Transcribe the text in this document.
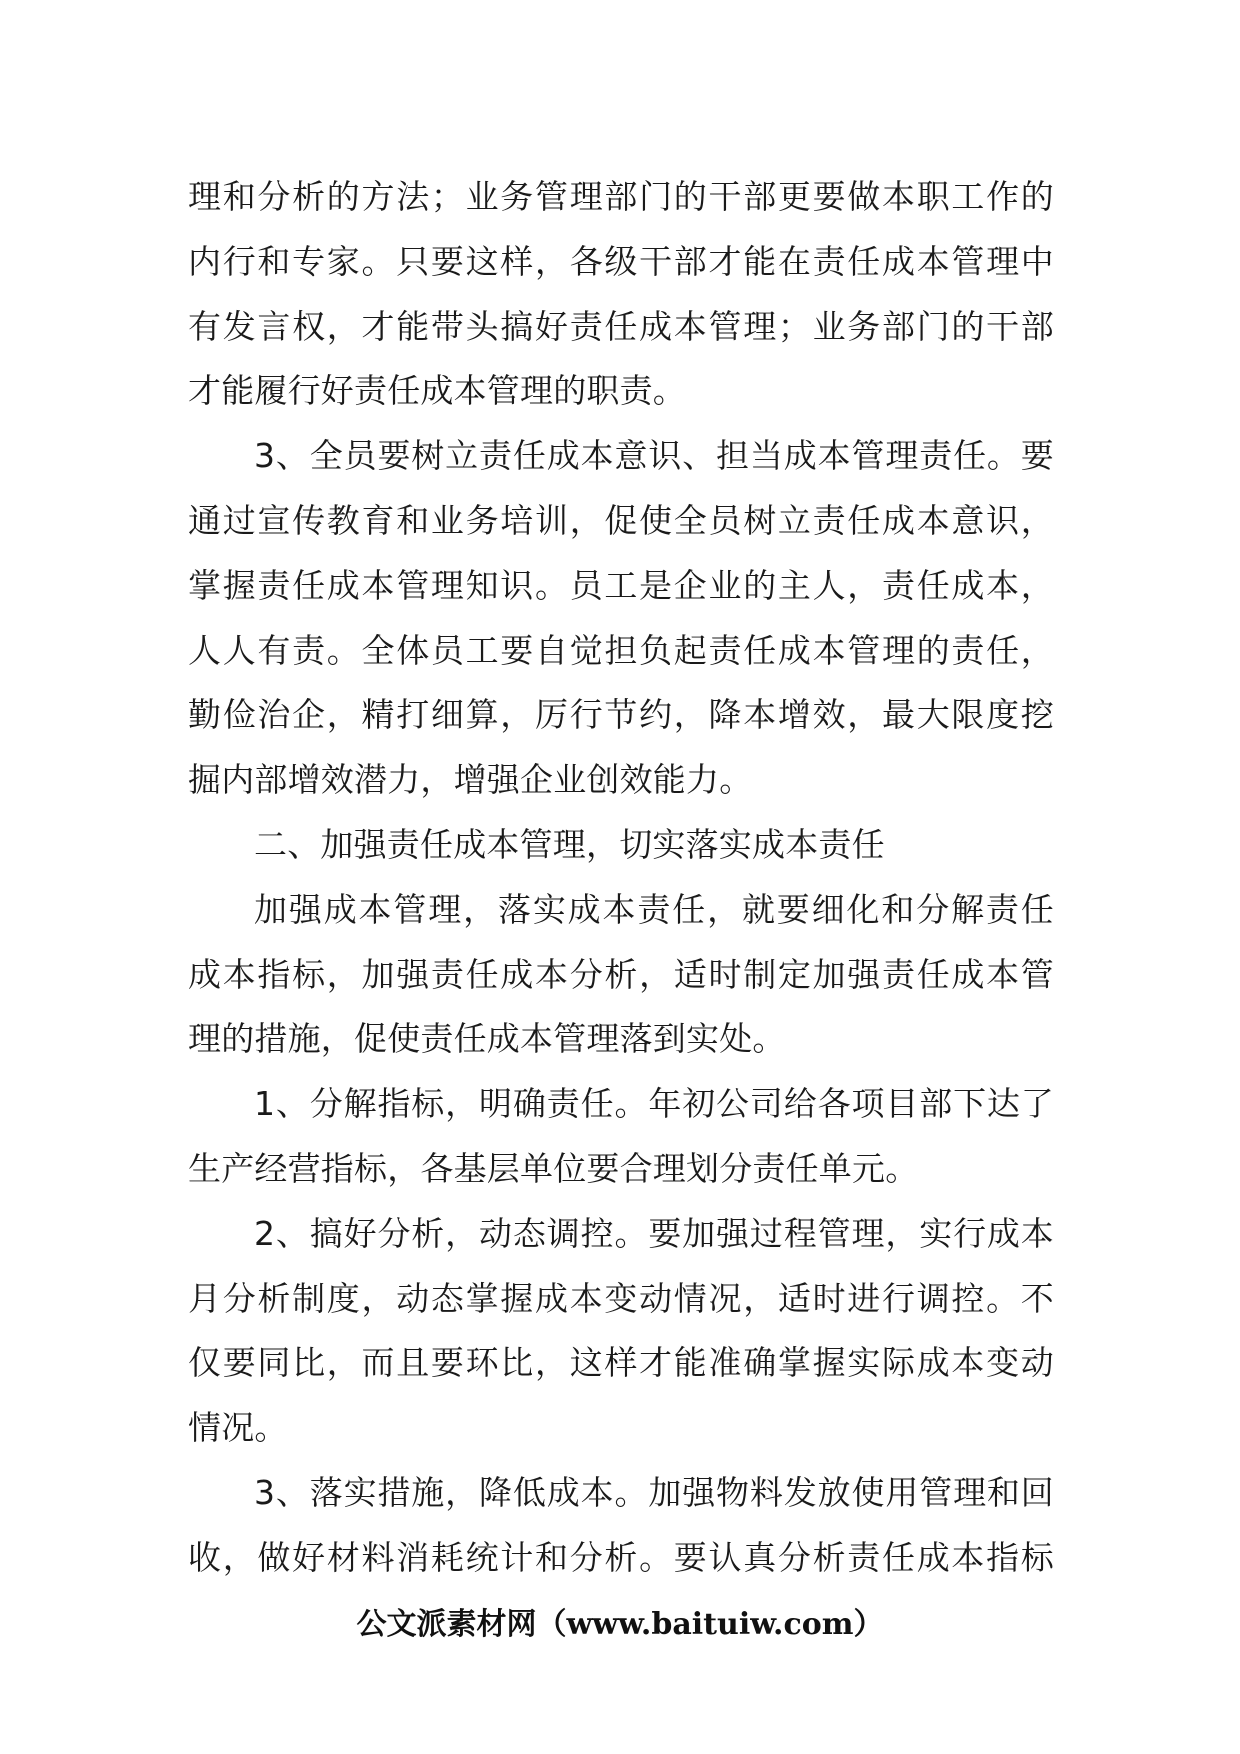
理和分析的方法；业务管理部门的干部更要做本职工作的
内行和专家。只要这样，各级干部才能在责任成本管理中
有发言权，才能带头搞好责任成本管理；业务部门的干部
才能履行好责任成本管理的职责。
3、全员要树立责任成本意识、担当成本管理责任。要
通过宣传教育和业务培训，促使全员树立责任成本意识，
掌握责任成本管理知识。员工是企业的主人，责任成本，
人人有责。全体员工要自觉担负起责任成本管理的责任，
勤俭治企，精打细算，厉行节约，降本增效，最大限度挖
掘内部增效潜力，增强企业创效能力。
二、加强责任成本管理，切实落实成本责任
加强成本管理，落实成本责任，就要细化和分解责任
成本指标，加强责任成本分析，适时制定加强责任成本管
理的措施，促使责任成本管理落到实处。
1、分解指标，明确责任。年初公司给各项目部下达了
生产经营指标，各基层单位要合理划分责任单元。
2、搞好分析，动态调控。要加强过程管理，实行成本
月分析制度，动态掌握成本变动情况，适时进行调控。不
仅要同比，而且要环比，这样才能准确掌握实际成本变动
情况。
3、落实措施，降低成本。加强物料发放使用管理和回
收，做好材料消耗统计和分析。要认真分析责任成本指标
公文派素材网（www.baituiw.com）
